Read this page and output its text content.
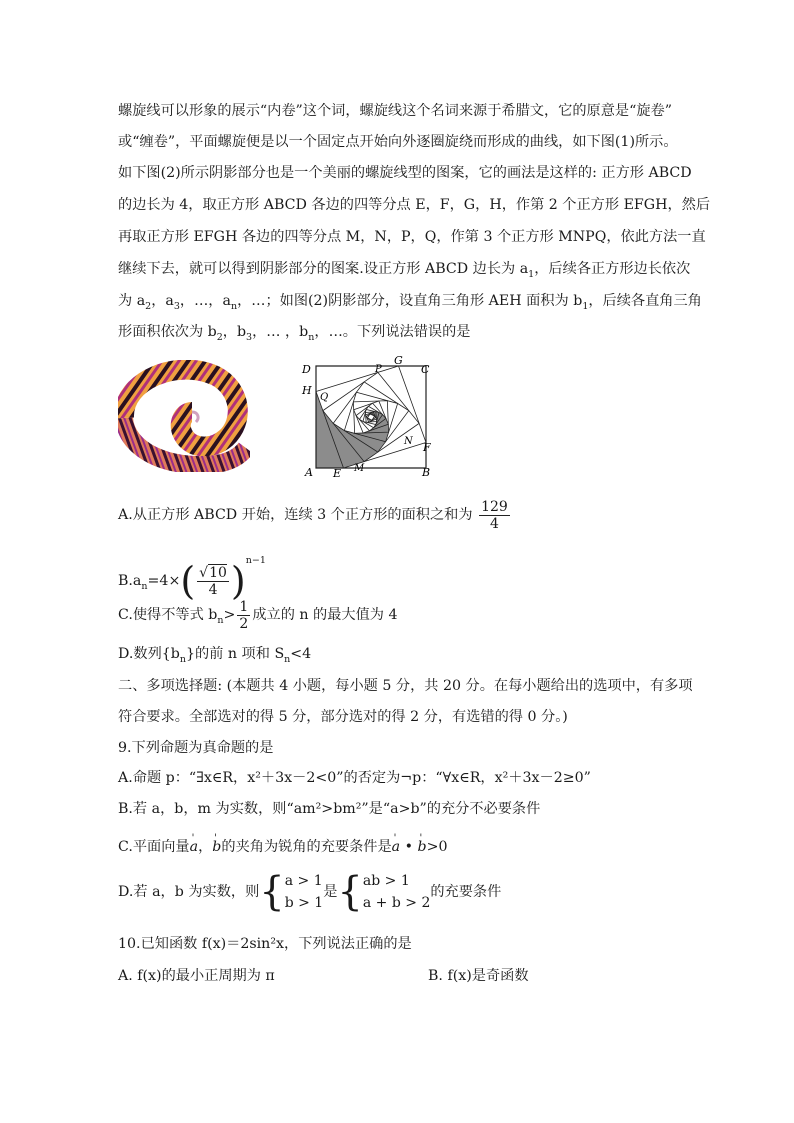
螺旋线可以形象的展示“内卷”这个词，螺旋线这个名词来源于希腊文，它的原意是“旋卷”
或“缠卷”，平面螺旋便是以一个固定点开始向外逐圈旋绕而形成的曲线，如下图(1)所示。
如下图(2)所示阴影部分也是一个美丽的螺旋线型的图案，它的画法是这样的: 正方形 ABCD
的边长为 4，取正方形 ABCD 各边的四等分点 E，F，G，H，作第 2 个正方形 EFGH，然后
再取正方形 EFGH 各边的四等分点 M，N，P，Q，作第 3 个正方形 MNPQ，依此方法一直
继续下去，就可以得到阴影部分的图案.设正方形 ABCD 边长为 $a_1$，后续各正方形边长依次
为 $a_2$，$a_3$，…，$a_n$，…；如图(2)阴影部分，设直角三角形 AEH 面积为 $b_1$，后续各直角三角
形面积依次为 $b_2$，$b_3$，… ，$b_n$，…。下列说法错误的是
D	P
G
C
H
Q
N F
A E M	B
A.从正方形 ABCD 开始，连续 3 个正方形的面积之和为 $\frac{129}{4}$
$B.a_n=4\times( \frac{√10}{4} )^{n-1}$
C.使得不等式 $b_n> \frac{1}{2}$ 成立的 n 的最大值为 4
D.数列$\{b_n\}$的前 n 项和 $S_n<4$
二、多项选择题: (本题共 4 小题，每小题 5 分，共 20 分。在每小题给出的选项中，有多项
符合要求。全部选对的得 5 分，部分选对的得 2 分，有选错的得 0 分。)
9.下列命题为真命题的是
A.命题 p：“∃x∈R，x²＋3x－2<0”的否定为¬p：“∀x∈R，x²＋3x－2≥0”
B.若 a，b，m 为实数，则“am²>bm²”是“a>b”的充分不必要条件
C.平面向量' a，' b的夹角为锐角的充要条件是' a • ' b>0
D.若 a，b 为实数，则{ a > 1
b > 1
是{ ab > 1
a + b > 2
的充要条件
10.已知函数 f(x)＝2sin²x，下列说法正确的是
A. f(x)的最小正周期为 π	B. f(x)是奇函数
